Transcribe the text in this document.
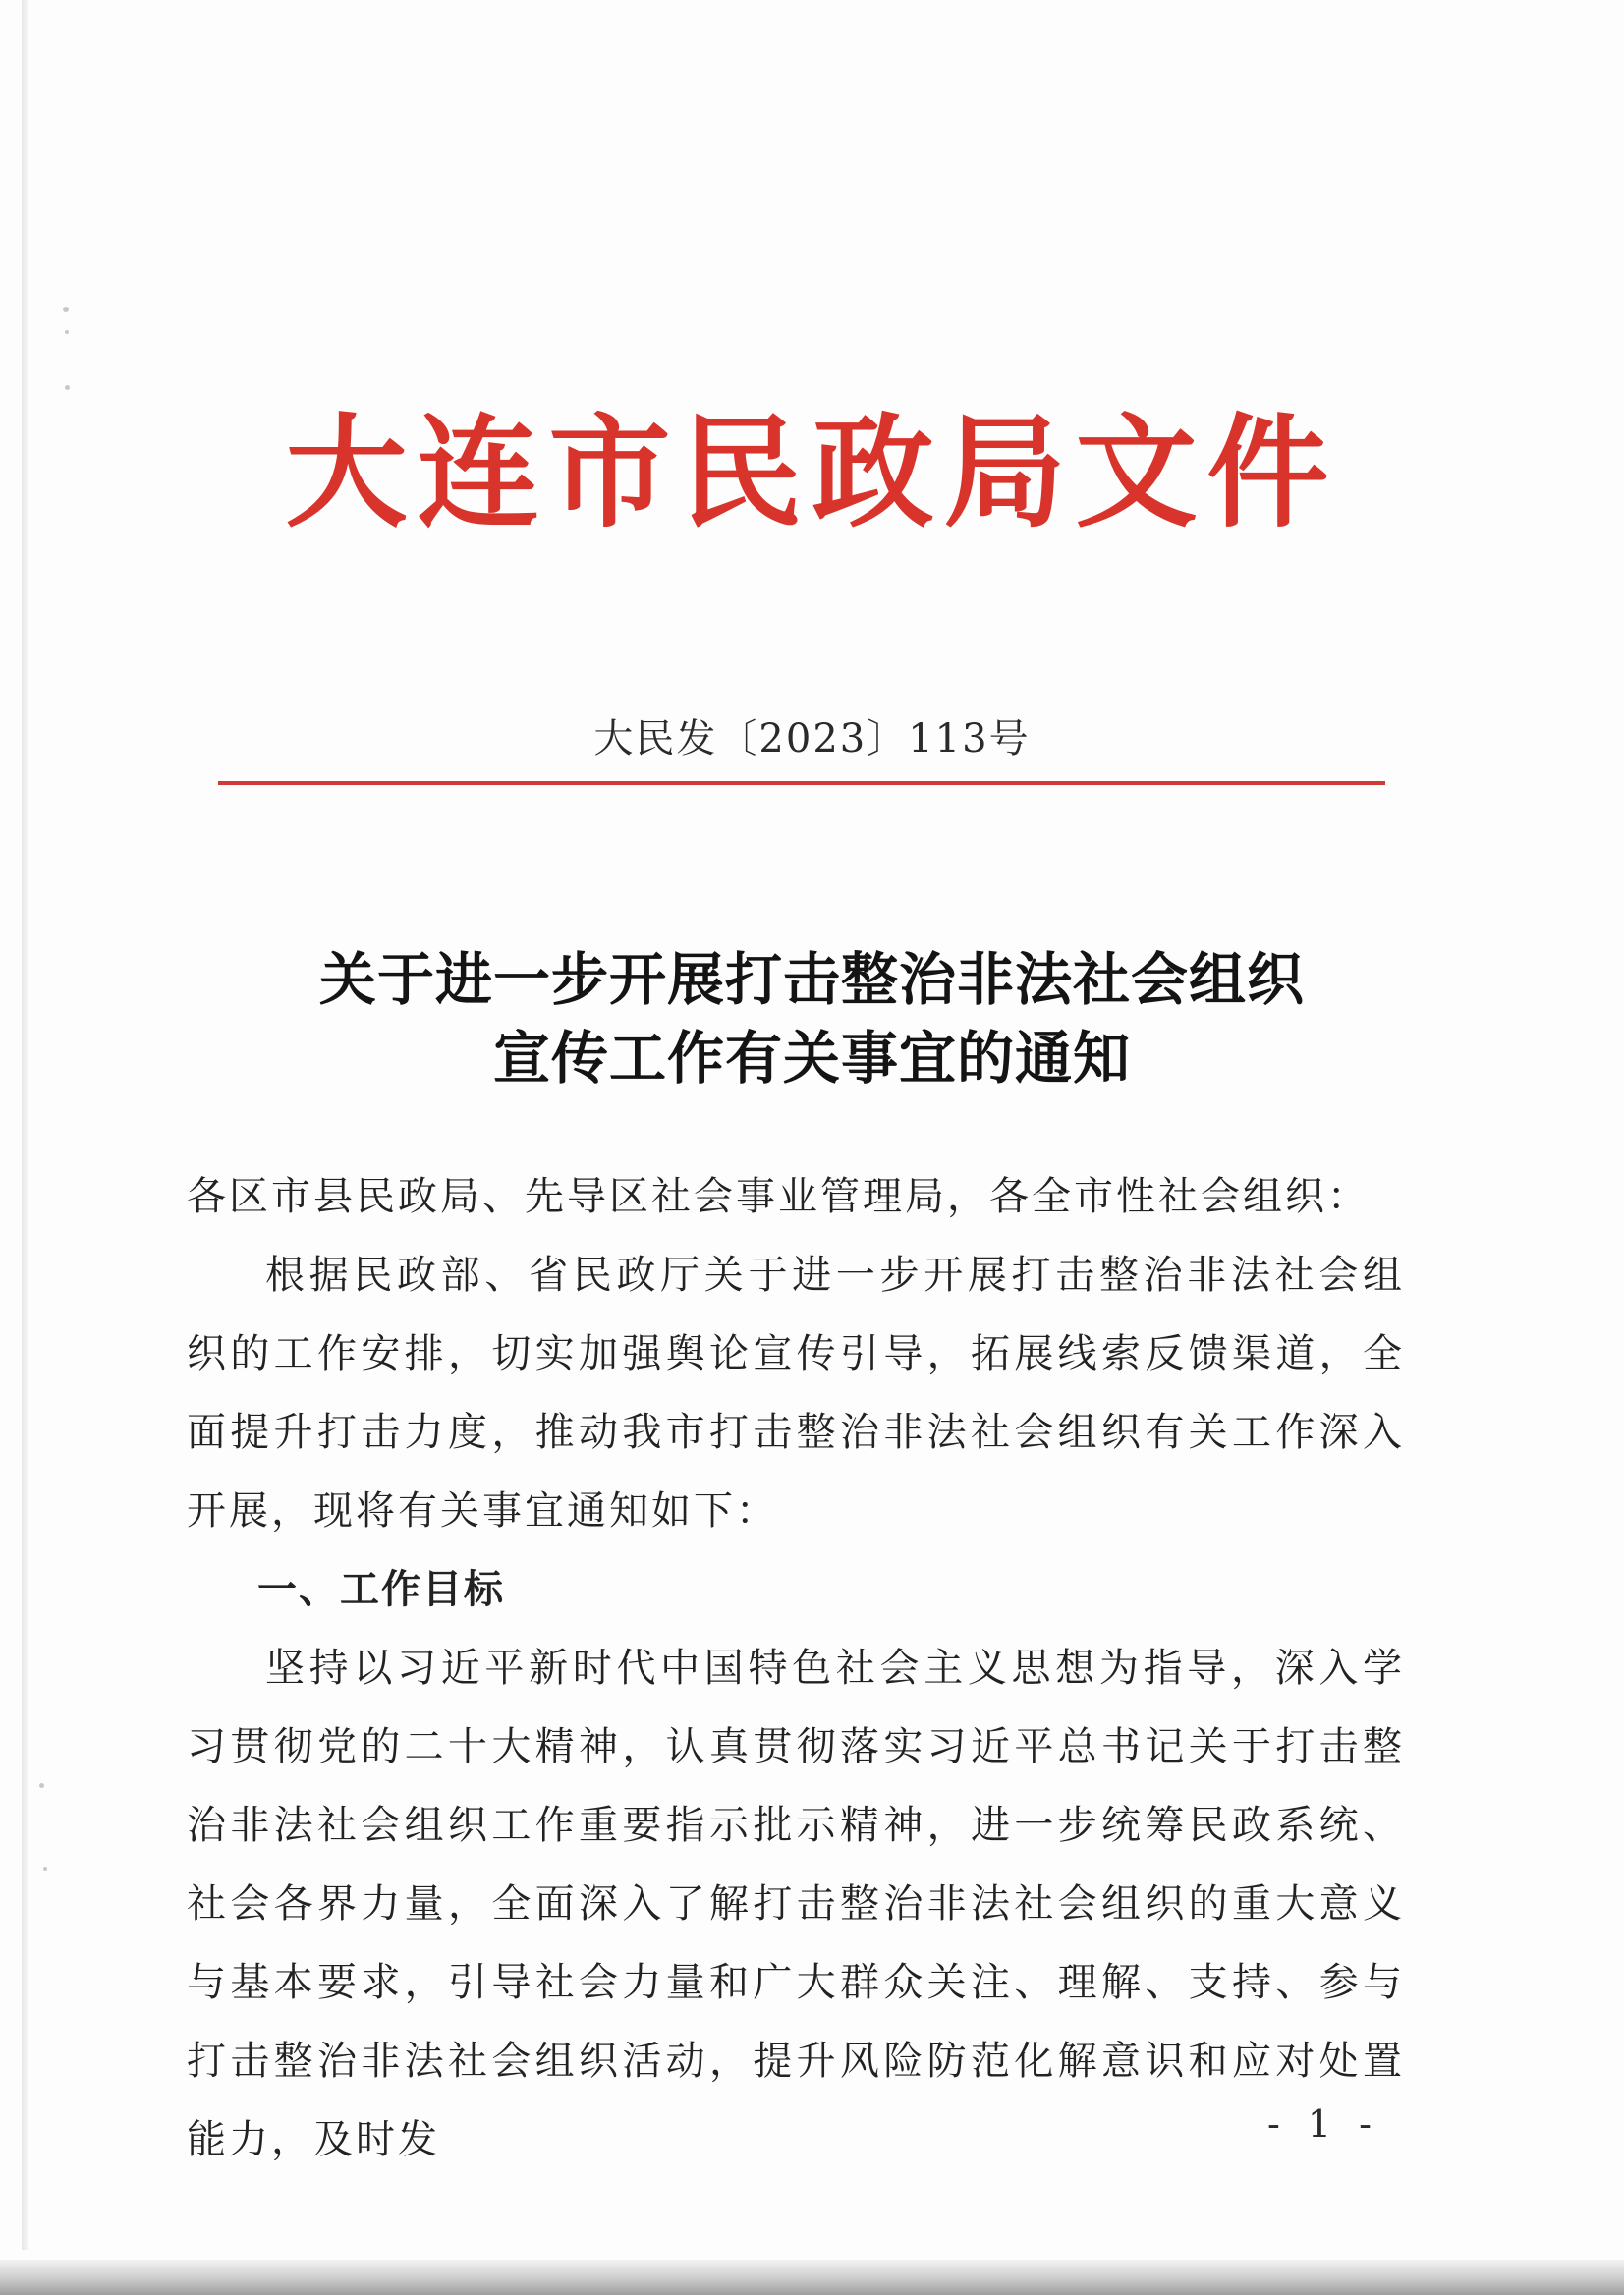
大连市民政局文件
大民发〔2023〕113号
关于进一步开展打击整治非法社会组织
宣传工作有关事宜的通知

各区市县民政局、先导区社会事业管理局，各全市性社会组织：

根据民政部、省民政厅关于进一步开展打击整治非法社会组织的工作安排，切实加强舆论宣传引导，拓展线索反馈渠道，全面提升打击力度，推动我市打击整治非法社会组织有关工作深入开展，现将有关事宜通知如下：

一、工作目标

坚持以习近平新时代中国特色社会主义思想为指导，深入学习贯彻党的二十大精神，认真贯彻落实习近平总书记关于打击整治非法社会组织工作重要指示批示精神，进一步统筹民政系统、社会各界力量，全面深入了解打击整治非法社会组织的重大意义与基本要求，引导社会力量和广大群众关注、理解、支持、参与打击整治非法社会组织活动，提升风险防范化解意识和应对处置能力，及时发	- 1 -
